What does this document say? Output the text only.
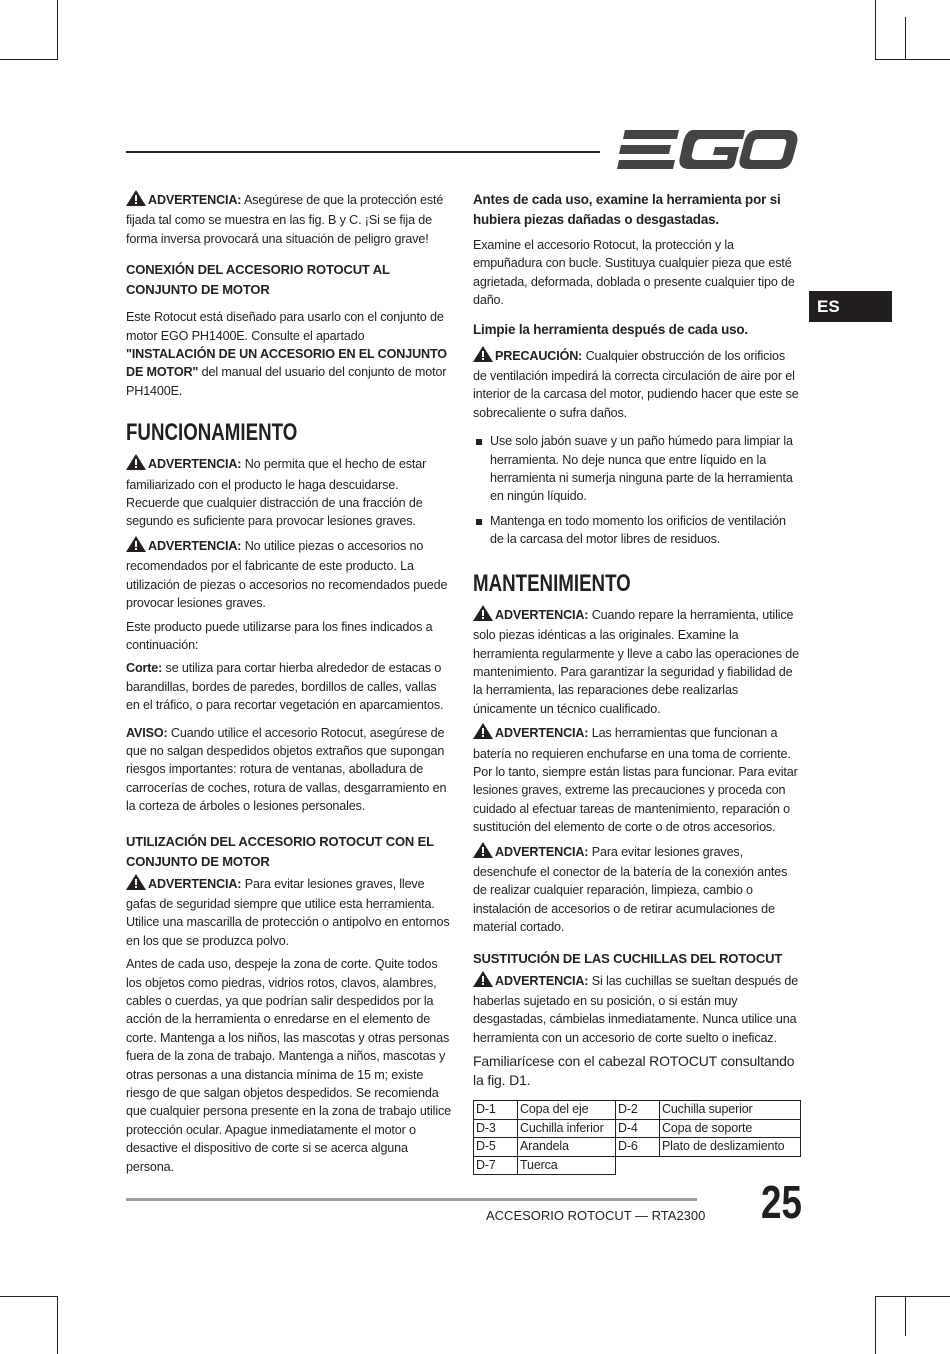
ES

ADVERTENCIA: Asegúrese de que la protección esté fijada tal como se muestra en las fig. B y C. ¡Si se fija de forma inversa provocará una situación de peligro grave!

CONEXIÓN DEL ACCESORIO ROTOCUT AL CONJUNTO DE MOTOR

Este Rotocut está diseñado para usarlo con el conjunto de motor EGO PH1400E. Consulte el apartado "INSTALACIÓN DE UN ACCESORIO EN EL CONJUNTO DE MOTOR" del manual del usuario del conjunto de motor PH1400E.

FUNCIONAMIENTO

ADVERTENCIA: No permita que el hecho de estar familiarizado con el producto le haga descuidarse. Recuerde que cualquier distracción de una fracción de segundo es suficiente para provocar lesiones graves.

ADVERTENCIA: No utilice piezas o accesorios no recomendados por el fabricante de este producto. La utilización de piezas o accesorios no recomendados puede provocar lesiones graves.

Este producto puede utilizarse para los fines indicados a continuación:

Corte: se utiliza para cortar hierba alrededor de estacas o barandillas, bordes de paredes, bordillos de calles, vallas en el tráfico, o para recortar vegetación en aparcamientos.

AVISO: Cuando utilice el accesorio Rotocut, asegúrese de que no salgan despedidos objetos extraños que supongan riesgos importantes: rotura de ventanas, abolladura de carrocerías de coches, rotura de vallas, desgarramiento en la corteza de árboles o lesiones personales.

UTILIZACIÓN DEL ACCESORIO ROTOCUT CON EL CONJUNTO DE MOTOR

ADVERTENCIA: Para evitar lesiones graves, lleve gafas de seguridad siempre que utilice esta herramienta. Utilice una mascarilla de protección o antipolvo en entornos en los que se produzca polvo.

Antes de cada uso, despeje la zona de corte. Quite todos los objetos como piedras, vidrios rotos, clavos, alambres, cables o cuerdas, ya que podrían salir despedidos por la acción de la herramienta o enredarse en el elemento de corte. Mantenga a los niños, las mascotas y otras personas fuera de la zona de trabajo. Mantenga a niños, mascotas y otras personas a una distancia mínima de 15 m; existe riesgo de que salgan objetos despedidos. Se recomienda que cualquier persona presente en la zona de trabajo utilice protección ocular. Apague inmediatamente el motor o desactive el dispositivo de corte si se acerca alguna persona.

Antes de cada uso, examine la herramienta por si hubiera piezas dañadas o desgastadas.

Examine el accesorio Rotocut, la protección y la empuñadura con bucle. Sustituya cualquier pieza que esté agrietada, deformada, doblada o presente cualquier tipo de daño.

Limpie la herramienta después de cada uso.

PRECAUCIÓN: Cualquier obstrucción de los orificios de ventilación impedirá la correcta circulación de aire por el interior de la carcasa del motor, pudiendo hacer que este se sobrecaliente o sufra daños.

Use solo jabón suave y un paño húmedo para limpiar la herramienta. No deje nunca que entre líquido en la herramienta ni sumerja ninguna parte de la herramienta en ningún líquido.
Mantenga en todo momento los orificios de ventilación de la carcasa del motor libres de residuos.
MANTENIMIENTO

ADVERTENCIA: Cuando repare la herramienta, utilice solo piezas idénticas a las originales. Examine la herramienta regularmente y lleve a cabo las operaciones de mantenimiento. Para garantizar la seguridad y fiabilidad de la herramienta, las reparaciones debe realizarlas únicamente un técnico cualificado.

ADVERTENCIA: Las herramientas que funcionan a batería no requieren enchufarse en una toma de corriente. Por lo tanto, siempre están listas para funcionar. Para evitar lesiones graves, extreme las precauciones y proceda con cuidado al efectuar tareas de mantenimiento, reparación o sustitución del elemento de corte o de otros accesorios.

ADVERTENCIA: Para evitar lesiones graves, desenchufe el conector de la batería de la conexión antes de realizar cualquier reparación, limpieza, cambio o instalación de accesorios o de retirar acumulaciones de material cortado.

SUSTITUCIÓN DE LAS CUCHILLAS DEL ROTOCUT

ADVERTENCIA: Si las cuchillas se sueltan después de haberlas sujetado en su posición, o si están muy desgastadas, cámbielas inmediatamente. Nunca utilice una herramienta con un accesorio de corte suelto o ineficaz.

Familiarícese con el cabezal ROTOCUT consultando la fig. D1.

D-1	Copa del eje	D-2	Cuchilla superior
D-3	Cuchilla inferior	D-4	Copa de soporte
D-5	Arandela	D-6	Plato de deslizamiento
D-7	Tuerca		
ACCESORIO ROTOCUT — RTA2300 25
